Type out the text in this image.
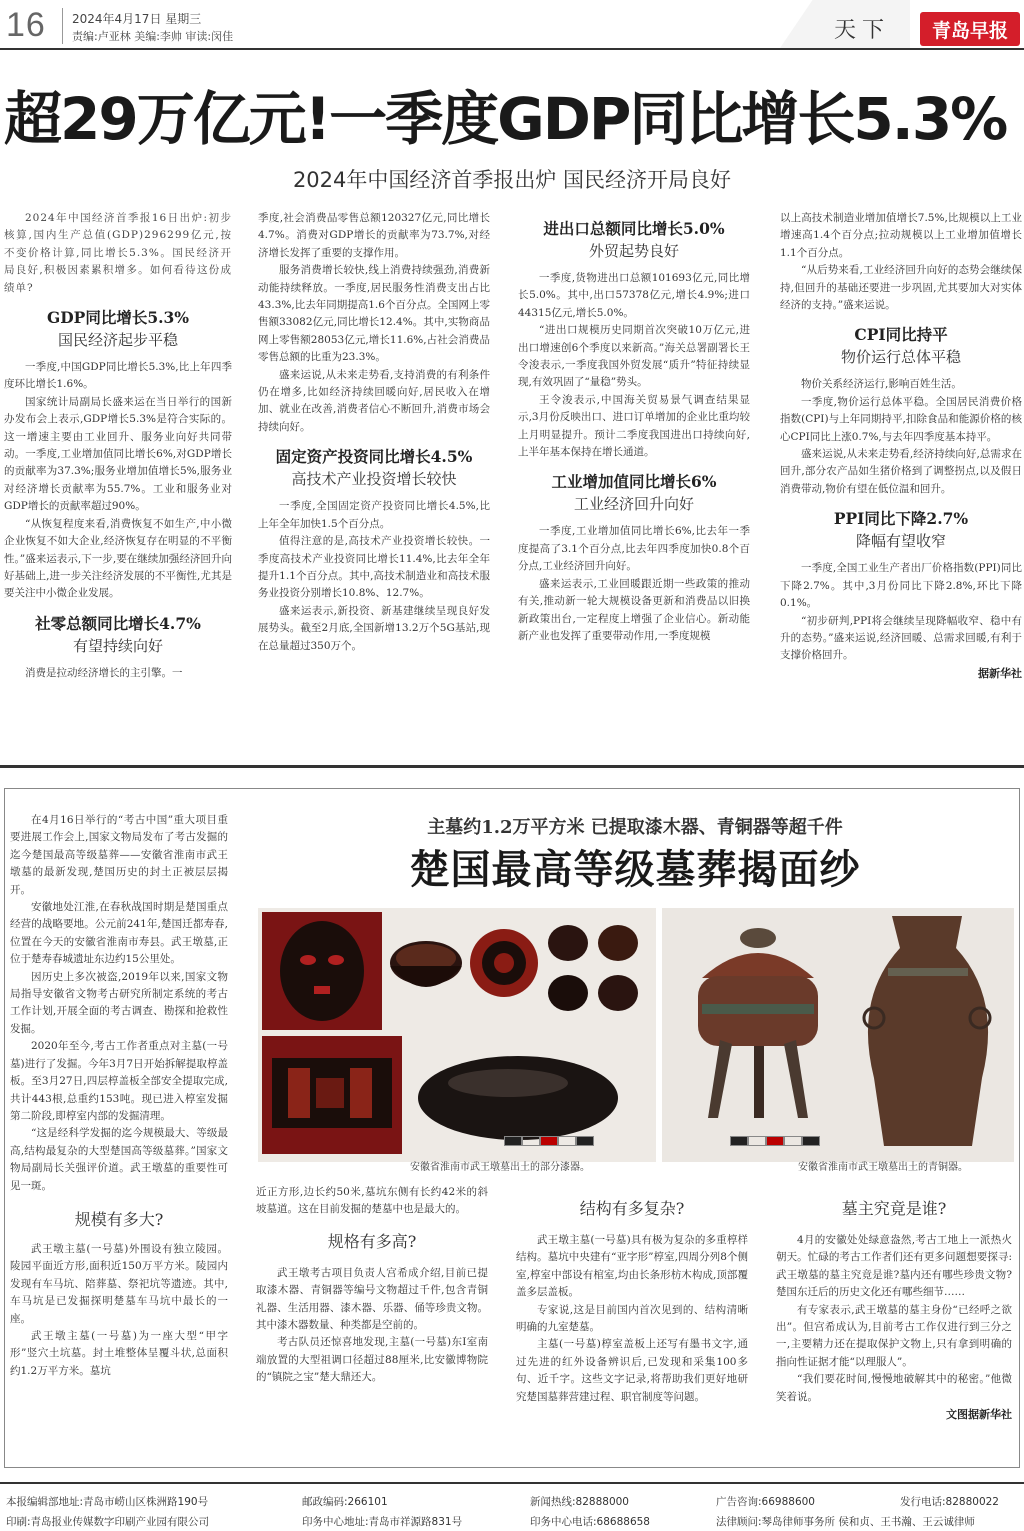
16 2024年4月17日 星期三
责编:卢亚林 美编:李帅 审读:闵佳	天下	青岛早报
超29万亿元!一季度GDP同比增长5.3%
2024年中国经济首季报出炉 国民经济开局良好

2024年中国经济首季报16日出炉:初步核算,国内生产总值(GDP)296299亿元,按不变价格计算,同比增长5.3%。国民经济开局良好,积极因素累积增多。如何看待这份成绩单?

GDP同比增长5.3%
国民经济起步平稳

一季度,中国GDP同比增长5.3%,比上年四季度环比增长1.6%。

国家统计局副局长盛来运在当日举行的国新办发布会上表示,GDP增长5.3%是符合实际的。这一增速主要由工业回升、服务业向好共同带动。一季度,工业增加值同比增长6%,对GDP增长的贡献率为37.3%;服务业增加值增长5%,服务业对经济增长贡献率为55.7%。工业和服务业对GDP增长的贡献率超过90%。

“从恢复程度来看,消费恢复不如生产,中小微企业恢复不如大企业,经济恢复存在明显的不平衡性。”盛来运表示,下一步,要在继续加强经济回升向好基础上,进一步关注经济发展的不平衡性,尤其是要关注中小微企业发展。

社零总额同比增长4.7%
有望持续向好

消费是拉动经济增长的主引擎。一

季度,社会消费品零售总额120327亿元,同比增长4.7%。消费对GDP增长的贡献率为73.7%,对经济增长发挥了重要的支撑作用。

服务消费增长较快,线上消费持续强劲,消费新动能持续释放。一季度,居民服务性消费支出占比43.3%,比去年同期提高1.6个百分点。全国网上零售额33082亿元,同比增长12.4%。其中,实物商品网上零售额28053亿元,增长11.6%,占社会消费品零售总额的比重为23.3%。

盛来运说,从未来走势看,支持消费的有利条件仍在增多,比如经济持续回暖向好,居民收入在增加、就业在改善,消费者信心不断回升,消费市场会持续向好。

固定资产投资同比增长4.5%
高技术产业投资增长较快

一季度,全国固定资产投资同比增长4.5%,比上年全年加快1.5个百分点。

值得注意的是,高技术产业投资增长较快。一季度高技术产业投资同比增长11.4%,比去年全年提升1.1个百分点。其中,高技术制造业和高技术服务业投资分别增长10.8%、12.7%。

盛来运表示,新投资、新基建继续呈现良好发展势头。截至2月底,全国新增13.2万个5G基站,现在总量超过350万个。

进出口总额同比增长5.0%
外贸起势良好

一季度,货物进出口总额101693亿元,同比增长5.0%。其中,出口57378亿元,增长4.9%;进口44315亿元,增长5.0%。

“进出口规模历史同期首次突破10万亿元,进出口增速创6个季度以来新高。”海关总署副署长王令浚表示,一季度我国外贸发展“质升”特征持续显现,有效巩固了“量稳”势头。

王令浚表示,中国海关贸易景气调查结果显示,3月份反映出口、进口订单增加的企业比重均较上月明显提升。预计二季度我国进出口持续向好,上半年基本保持在增长通道。

工业增加值同比增长6%
工业经济回升向好

一季度,工业增加值同比增长6%,比去年一季度提高了3.1个百分点,比去年四季度加快0.8个百分点,工业经济回升向好。

盛来运表示,工业回暖跟近期一些政策的推动有关,推动新一轮大规模设备更新和消费品以旧换新政策出台,一定程度上增强了企业信心。新动能新产业也发挥了重要带动作用,一季度规模

以上高技术制造业增加值增长7.5%,比规模以上工业增速高1.4个百分点;拉动规模以上工业增加值增长1.1个百分点。

“从后势来看,工业经济回升向好的态势会继续保持,但回升的基础还要进一步巩固,尤其要加大对实体经济的支持。”盛来运说。

CPI同比持平
物价运行总体平稳

物价关系经济运行,影响百姓生活。

一季度,物价运行总体平稳。全国居民消费价格指数(CPI)与上年同期持平,扣除食品和能源价格的核心CPI同比上涨0.7%,与去年四季度基本持平。

盛来运说,从未来走势看,经济持续向好,总需求在回升,部分农产品如生猪价格到了调整拐点,以及假日消费带动,物价有望在低位温和回升。

PPI同比下降2.7%
降幅有望收窄

一季度,全国工业生产者出厂价格指数(PPI)同比下降2.7%。其中,3月份同比下降2.8%,环比下降0.1%。

“初步研判,PPI将会继续呈现降幅收窄、稳中有升的态势。”盛来运说,经济回暖、总需求回暖,有利于支撑价格回升。

据新华社
主墓约1.2万平方米 已提取漆木器、青铜器等超千件
楚国最高等级墓葬揭面纱

在4月16日举行的“考古中国”重大项目重要进展工作会上,国家文物局发布了考古发掘的迄今楚国最高等级墓葬——安徽省淮南市武王墩墓的最新发现,楚国历史的封土正被层层揭开。

安徽地处江淮,在春秋战国时期是楚国重点经营的战略要地。公元前241年,楚国迁都寿春,位置在今天的安徽省淮南市寿县。武王墩墓,正位于楚寿春城遗址东边约15公里处。

因历史上多次被盗,2019年以来,国家文物局指导安徽省文物考古研究所制定系统的考古工作计划,开展全面的考古调查、勘探和抢救性发掘。

2020年至今,考古工作者重点对主墓(一号墓)进行了发掘。今年3月7日开始拆解提取椁盖板。至3月27日,四层椁盖板全部安全提取完成,共计443根,总重约153吨。现已进入椁室发掘第二阶段,即椁室内部的发掘清理。

“这是经科学发掘的迄今规模最大、等级最高,结构最复杂的大型楚国高等级墓葬。”国家文物局副局长关强评价道。武王墩墓的重要性可见一斑。

规模有多大?

武王墩主墓(一号墓)外围设有独立陵园。陵园平面近方形,面积近150万平方米。陵园内发现有车马坑、陪葬墓、祭祀坑等遗迹。其中,车马坑是已发掘探明楚墓车马坑中最长的一座。

武王墩主墓(一号墓)为一座大型“甲字形”竖穴土坑墓。封土堆整体呈覆斗状,总面积约1.2万平方米。墓坑

安徽省淮南市武王墩墓出土的部分漆器。	安徽省淮南市武王墩墓出土的青铜器。

近正方形,边长约50米,墓坑东侧有长约42米的斜坡墓道。这在目前发掘的楚墓中也是最大的。

规格有多高?

武王墩考古项目负责人宫希成介绍,目前已提取漆木器、青铜器等编号文物超过千件,包含青铜礼器、生活用器、漆木器、乐器、俑等珍贵文物。其中漆木器数量、种类都是空前的。

考古队员还惊喜地发现,主墓(一号墓)东Ⅰ室南端放置的大型祖调口径超过88厘米,比安徽博物院的“镇院之宝”楚大鼎还大。

结构有多复杂?

武王墩主墓(一号墓)具有极为复杂的多重椁样结构。墓坑中央建有“亚字形”椁室,四周分列8个侧室,椁室中部设有棺室,均由长条形枋木构成,顶部覆盖多层盖板。

专家说,这是目前国内首次见到的、结构清晰明确的九室楚墓。

主墓(一号墓)椁室盖板上还写有墨书文字,通过先进的红外设备辨识后,已发现和采集100多句、近千字。这些文字记录,将帮助我们更好地研究楚国墓葬营建过程、职官制度等问题。

墓主究竟是谁?

4月的安徽处处绿意盎然,考古工地上一派热火朝天。忙碌的考古工作者们还有更多问题想要探寻:武王墩墓的墓主究竟是谁?墓内还有哪些珍贵文物?楚国东迁后的历史文化还有哪些细节……

有专家表示,武王墩墓的墓主身份“已经呼之欲出”。但宫希成认为,目前考古工作仅进行到三分之一,主要精力还在提取保护文物上,只有拿到明确的指向性证据才能“以理服人”。

“我们要花时间,慢慢地破解其中的秘密。”他微笑着说。

文图据新华社
本报编辑部地址:青岛市崂山区株洲路190号	邮政编码:266101	新闻热线:82888000	广告咨询:66988600	发行电话:82880022
印刷:青岛报业传媒数字印刷产业园有限公司	印务中心地址:青岛市祥源路831号	印务中心电话:68688658	法律顾问:琴岛律师事务所 侯和贞、王书瀚、王云诚律师
